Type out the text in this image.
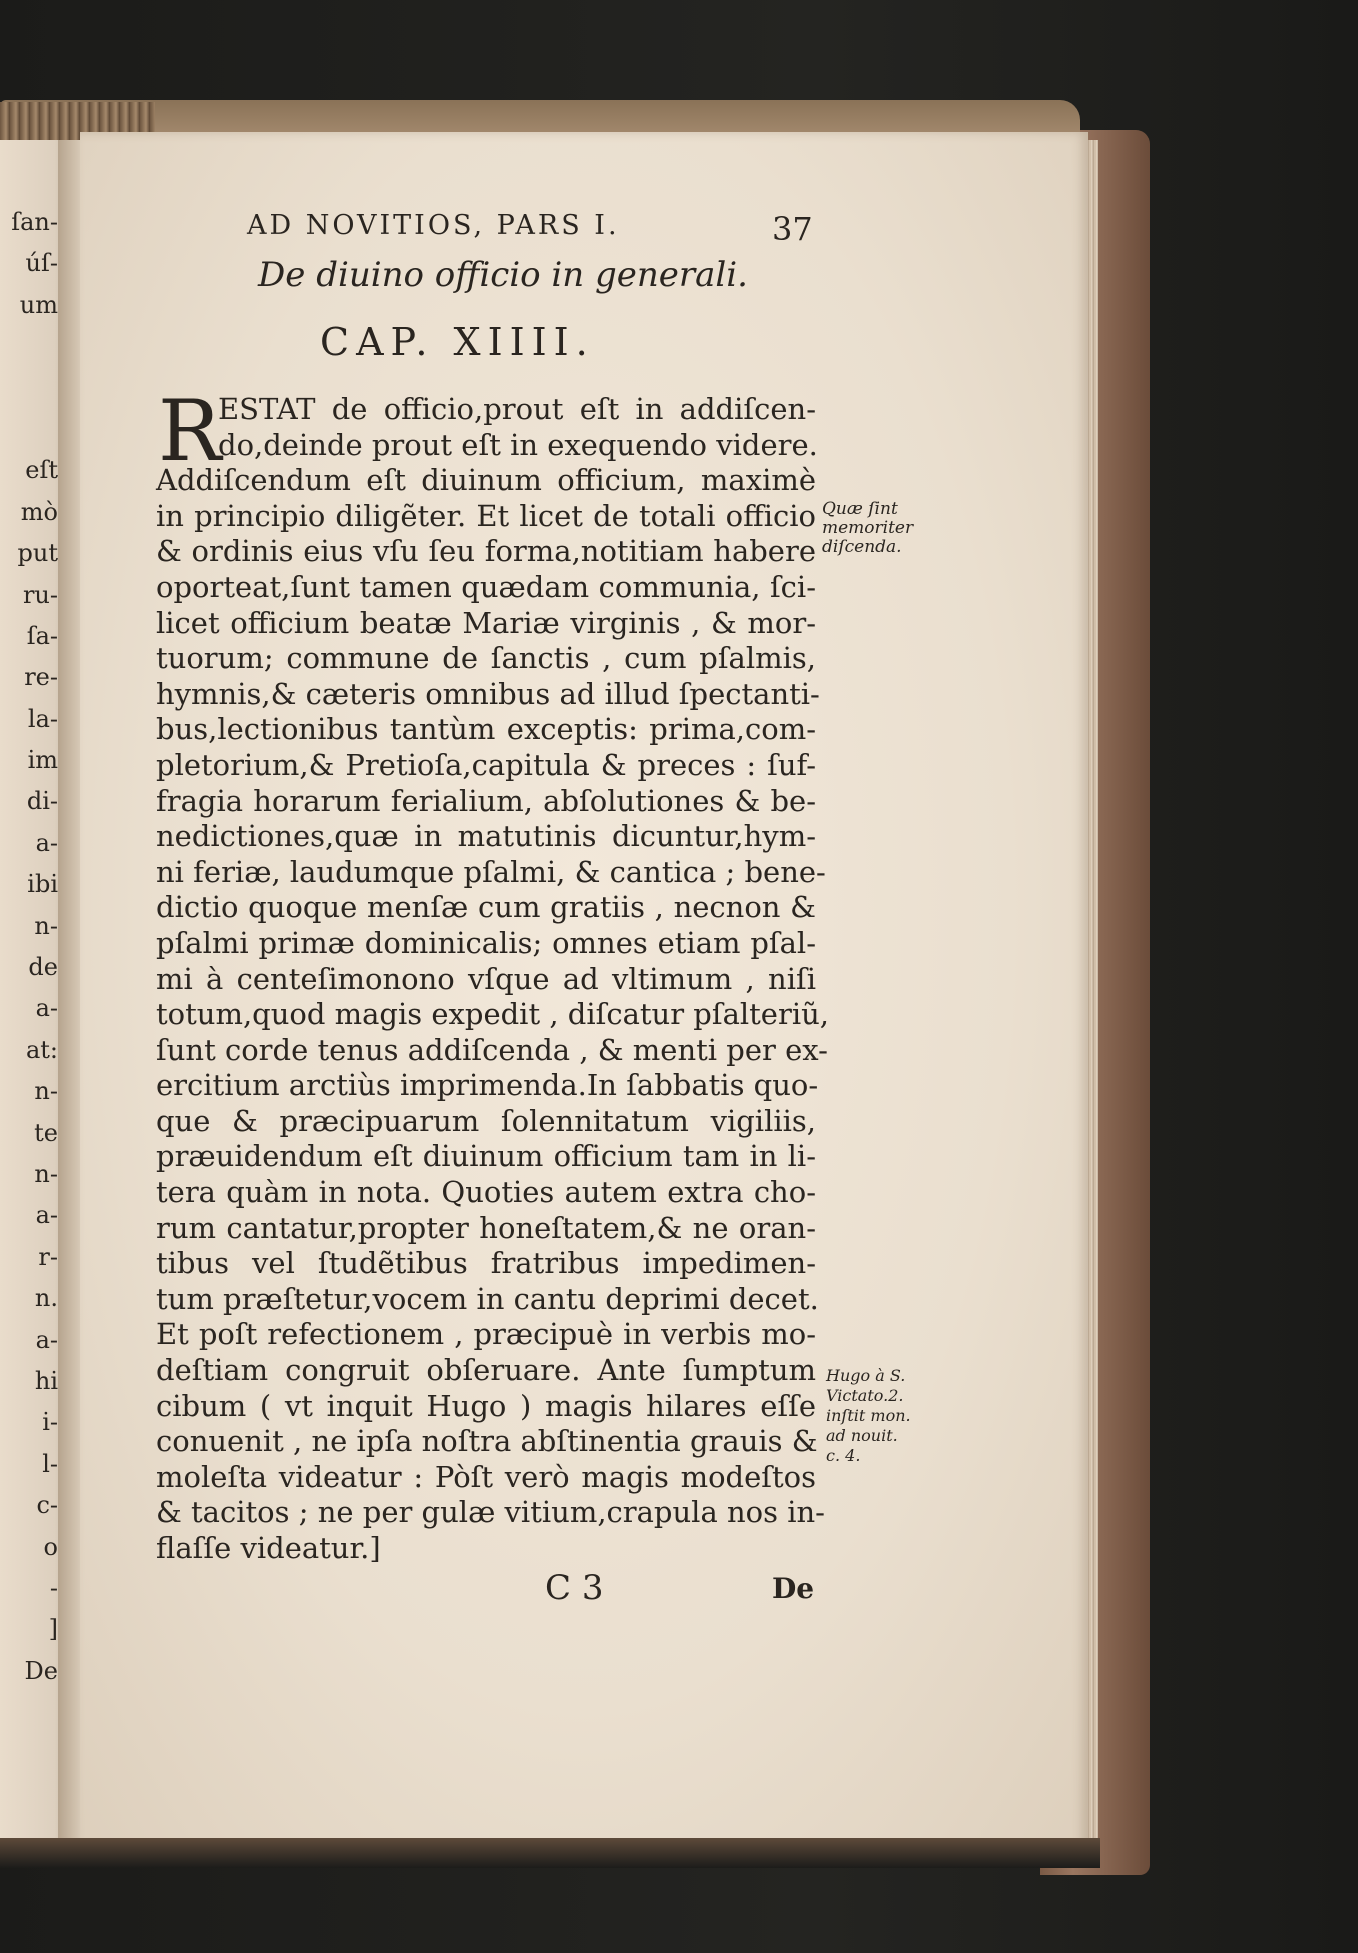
ſan-
úſ-
um
eſt
mò
put
ru-
ſa-
re-
la-
im
di-
a-
ibi
n-
de
a-
at:
n-
te
n-
a-
r-
n.
a-
hi
i-
l-
c-
o
-
]
De
AD NOVITIOS, PARS I.	37
De diuino officio in generali.
CAP. XIIII.
R
ESTAT de officio,prout eſt in addiſcen-
do,deinde prout eſt in exequendo videre.
Addiſcendum eſt diuinum officium, maximè
in principio diligẽter. Et licet de totali officio
& ordinis eius vſu ſeu forma,notitiam habere
oporteat,ſunt tamen quædam communia, ſci-
licet officium beatæ Mariæ virginis , & mor-
tuorum; commune de ſanctis , cum pſalmis,
hymnis,& cæteris omnibus ad illud ſpectanti-
bus,lectionibus tantùm exceptis: prima,com-
pletorium,& Pretioſa,capitula & preces : ſuf-
fragia horarum ferialium, abſolutiones & be-
nedictiones,quæ in matutinis dicuntur,hym-
ni feriæ, laudumque pſalmi, & cantica ; bene-
dictio quoque menſæ cum gratiis , necnon &
pſalmi primæ dominicalis; omnes etiam pſal-
mi à centeſimonono vſque ad vltimum , niſi
totum,quod magis expedit , diſcatur pſalteriũ,
ſunt corde tenus addiſcenda , & menti per ex-
ercitium arctiùs imprimenda.In ſabbatis quo-
que & præcipuarum ſolennitatum vigiliis,
præuidendum eſt diuinum officium tam in li-
tera quàm in nota. Quoties autem extra cho-
rum cantatur,propter honeſtatem,& ne oran-
tibus vel ſtudẽtibus fratribus impedimen-
tum præſtetur,vocem in cantu deprimi decet.
Et poſt refectionem , præcipuè in verbis mo-
deſtiam congruit obſeruare. Ante ſumptum
cibum ( vt inquit Hugo ) magis hilares eſſe
conuenit , ne ipſa noſtra abſtinentia grauis &
moleſta videatur : Pòſt verò magis modeſtos
& tacitos ; ne per gulæ vitium,crapula nos in-
flaſſe videatur.]
Quæ ſint
memoriter
diſcenda.
Hugo à S.
Victato.2.
inſtit mon.
ad nouit.
c. 4.
C 3	De
